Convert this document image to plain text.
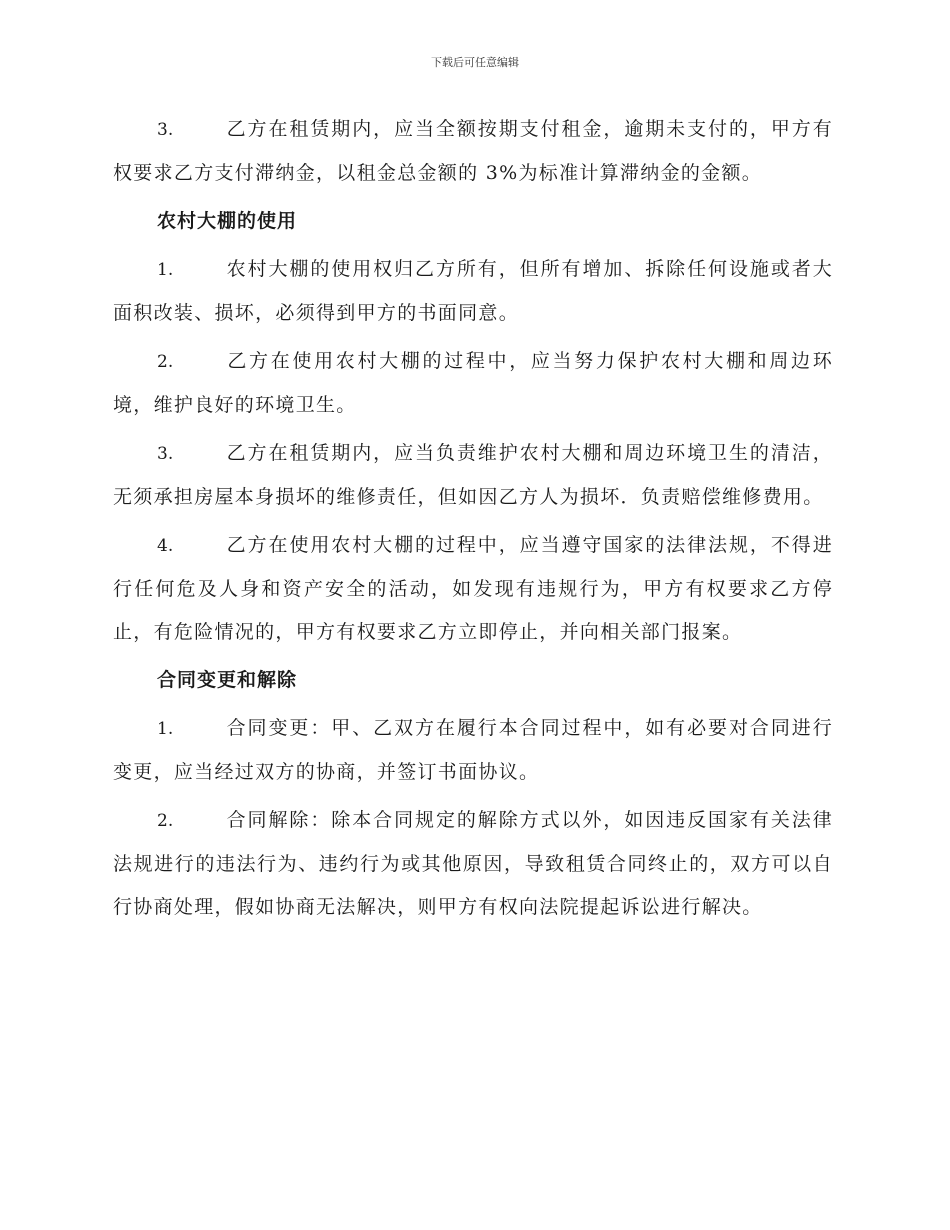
下载后可任意编辑

3.	乙方在租赁期内，应当全额按期支付租金，逾期未支付的，甲方有权要求乙方支付滞纳金，以租金总金额的 3%为标准计算滞纳金的金额。

农村大棚的使用

1.	农村大棚的使用权归乙方所有，但所有增加、拆除任何设施或者大面积改装、损坏，必须得到甲方的书面同意。

2.	乙方在使用农村大棚的过程中，应当努力保护农村大棚和周边环境，维护良好的环境卫生。

3.	乙方在租赁期内，应当负责维护农村大棚和周边环境卫生的清洁，无须承担房屋本身损坏的维修责任，但如因乙方人为损坏．负责赔偿维修费用。

4.	乙方在使用农村大棚的过程中，应当遵守国家的法律法规，不得进行任何危及人身和资产安全的活动，如发现有违规行为，甲方有权要求乙方停止，有危险情况的，甲方有权要求乙方立即停止，并向相关部门报案。

合同变更和解除

1.	合同变更：甲、乙双方在履行本合同过程中，如有必要对合同进行变更，应当经过双方的协商，并签订书面协议。

2.	合同解除：除本合同规定的解除方式以外，如因违反国家有关法律法规进行的违法行为、违约行为或其他原因，导致租赁合同终止的，双方可以自行协商处理，假如协商无法解决，则甲方有权向法院提起诉讼进行解决。
